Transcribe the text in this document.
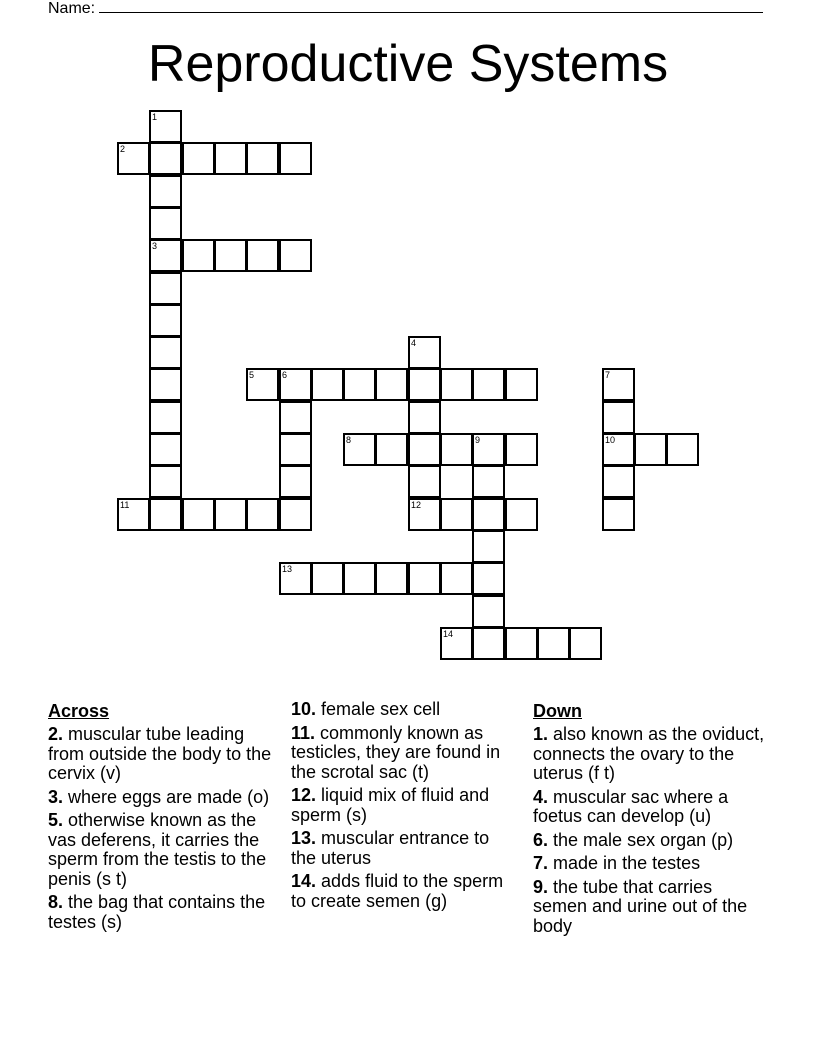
Name:
Reproductive Systems
1
2
3
4
5	6	7
8	9	10
11	12
13
14
Across

2. muscular tube leading from outside the body to the cervix (v)

3. where eggs are made (o)

5. otherwise known as the vas deferens, it carries the sperm from the testis to the penis (s t)

8. the bag that contains the testes (s)

10. female sex cell

11. commonly known as testicles, they are found in the scrotal sac (t)

12. liquid mix of fluid and sperm (s)

13. muscular entrance to the uterus

14. adds fluid to the sperm to create semen (g)

Down

1. also known as the oviduct, connects the ovary to the uterus (f t)

4. muscular sac where a foetus can develop (u)

6. the male sex organ (p)

7. made in the testes

9. the tube that carries semen and urine out of the body
